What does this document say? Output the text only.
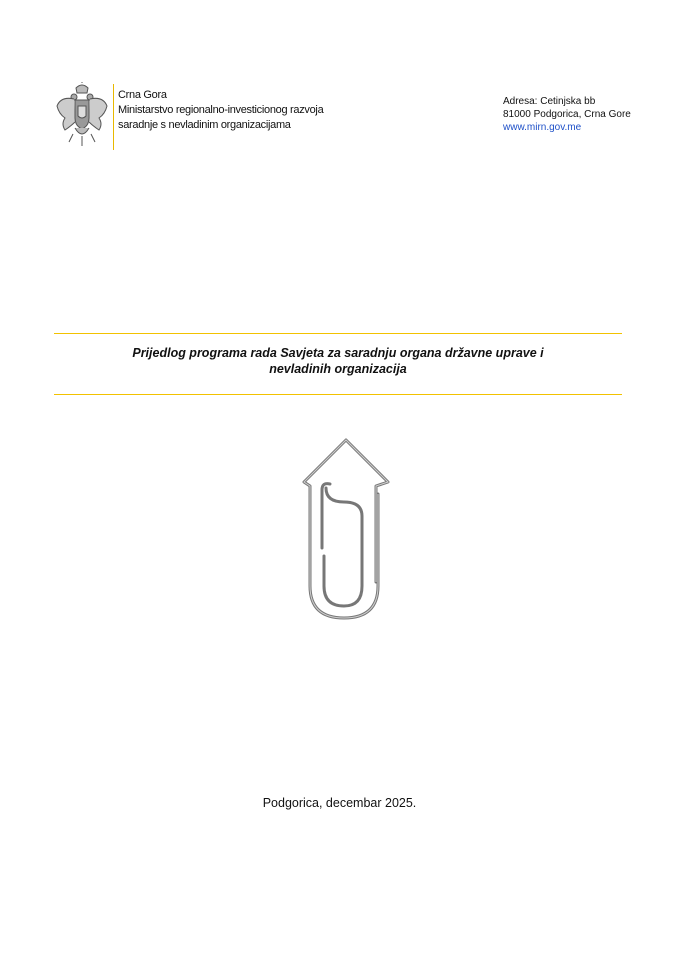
Crna Gora
Ministarstvo regionalno-investicionog razvoja
saradnje s nevladinim organizacijama
Adresa: Cetinjska bb
81000 Podgorica, Crna Gore
www.mirn.gov.me
Prijedlog programa rada Savjeta za saradnju organa državne uprave i
nevladinih organizacija
Podgorica, decembar 2025.
